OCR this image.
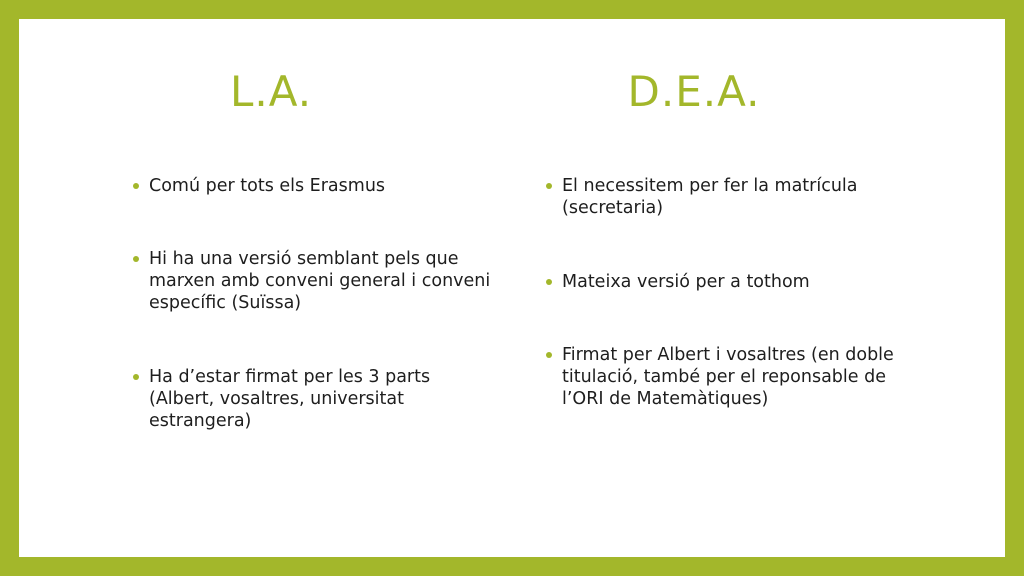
L.A.
Comú per tots els Erasmus
Hi ha una versió semblant pels que marxen amb conveni general i conveni específic (Suïssa)
Ha d’estar firmat per les 3 parts (Albert, vosaltres, universitat estrangera)
D.E.A.
El necessitem per fer la matrícula (secretaria)
Mateixa versió per a tothom
Firmat per Albert i vosaltres (en doble titulació, també per el reponsable de l’ORI de Matemàtiques)
